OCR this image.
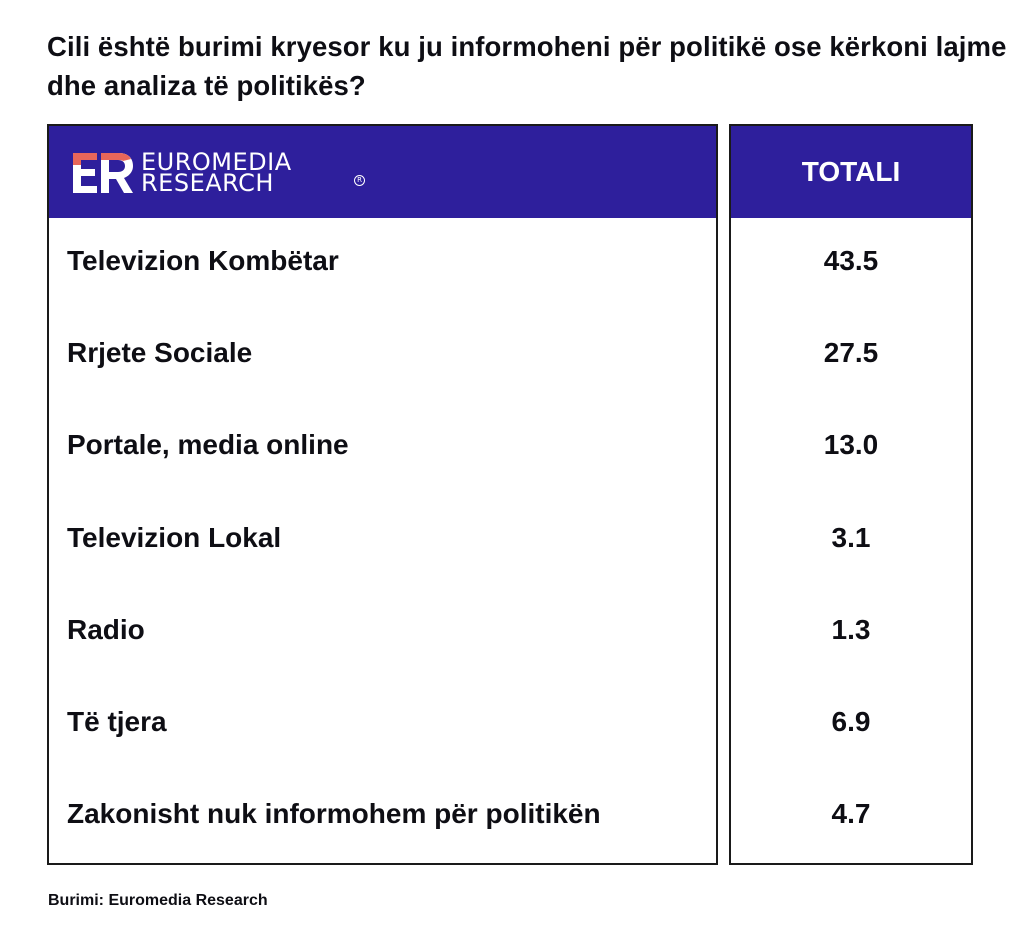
Cili është burimi kryesor ku ju informoheni për politikë ose kërkoni lajme dhe analiza të politikës?
EUROMEDIA
RESEARCH	R
Televizion Kombëtar
Rrjete Sociale
Portale, media online
Televizion Lokal
Radio
Të tjera
Zakonisht nuk informohem për politikën
TOTALI
43.5
27.5
13.0
3.1
1.3
6.9
4.7
Burimi: Euromedia Research
